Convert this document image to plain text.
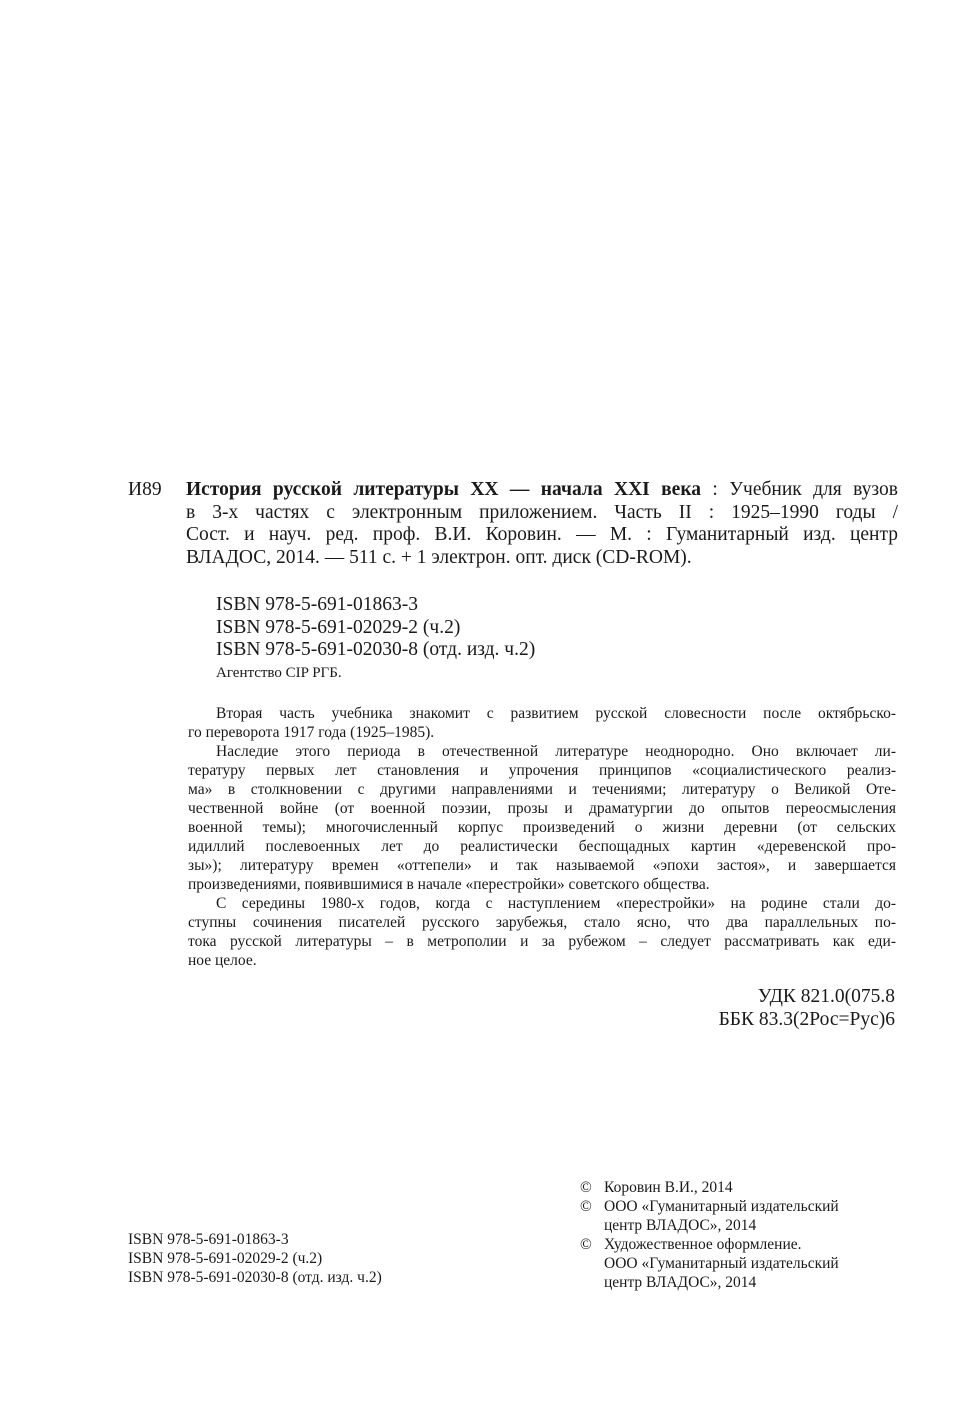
И89 История русской литературы XX — начала XXI века : Учебник для вузов
в 3-х частях с электронным приложением. Часть II : 1925–1990 годы /
Сост. и науч. ред. проф. В.И. Коровин. — М. : Гуманитарный изд. центр
ВЛАДОС, 2014. — 511 с. + 1 электрон. опт. диск (CD-ROM).
ISBN 978-5-691-01863-3
ISBN 978-5-691-02029-2 (ч.2)
ISBN 978-5-691-02030-8 (отд. изд. ч.2)
Агентство CIP РГБ.
Вторая часть учебника знакомит с развитием русской словесности после октябрьско-
го переворота 1917 года (1925–1985).
Наследие этого периода в отечественной литературе неоднородно. Оно включает ли-
тературу первых лет становления и упрочения принципов «социалистического реализ-
ма» в столкновении с другими направлениями и течениями; литературу о Великой Оте-
чественной войне (от военной поэзии, прозы и драматургии до опытов переосмысления
военной темы); многочисленный корпус произведений о жизни деревни (от сельских
идиллий послевоенных лет до реалистически беспощадных картин «деревенской про-
зы»); литературу времен «оттепели» и так называемой «эпохи застоя», и завершается
произведениями, появившимися в начале «перестройки» советского общества.
С середины 1980-х годов, когда с наступлением «перестройки» на родине стали до-
ступны сочинения писателей русского зарубежья, стало ясно, что два параллельных по-
тока русской литературы – в метрополии и за рубежом – следует рассматривать как еди-
ное целое.
УДК 821.0(075.8
ББК 83.3(2Рос=Рус)6
© Коровин В.И., 2014
© ООО «Гуманитарный издательский
центр ВЛАДОС», 2014
© Художественное оформление.
ООО «Гуманитарный издательский
центр ВЛАДОС», 2014
ISBN 978-5-691-01863-3
ISBN 978-5-691-02029-2 (ч.2)
ISBN 978-5-691-02030-8 (отд. изд. ч.2)
